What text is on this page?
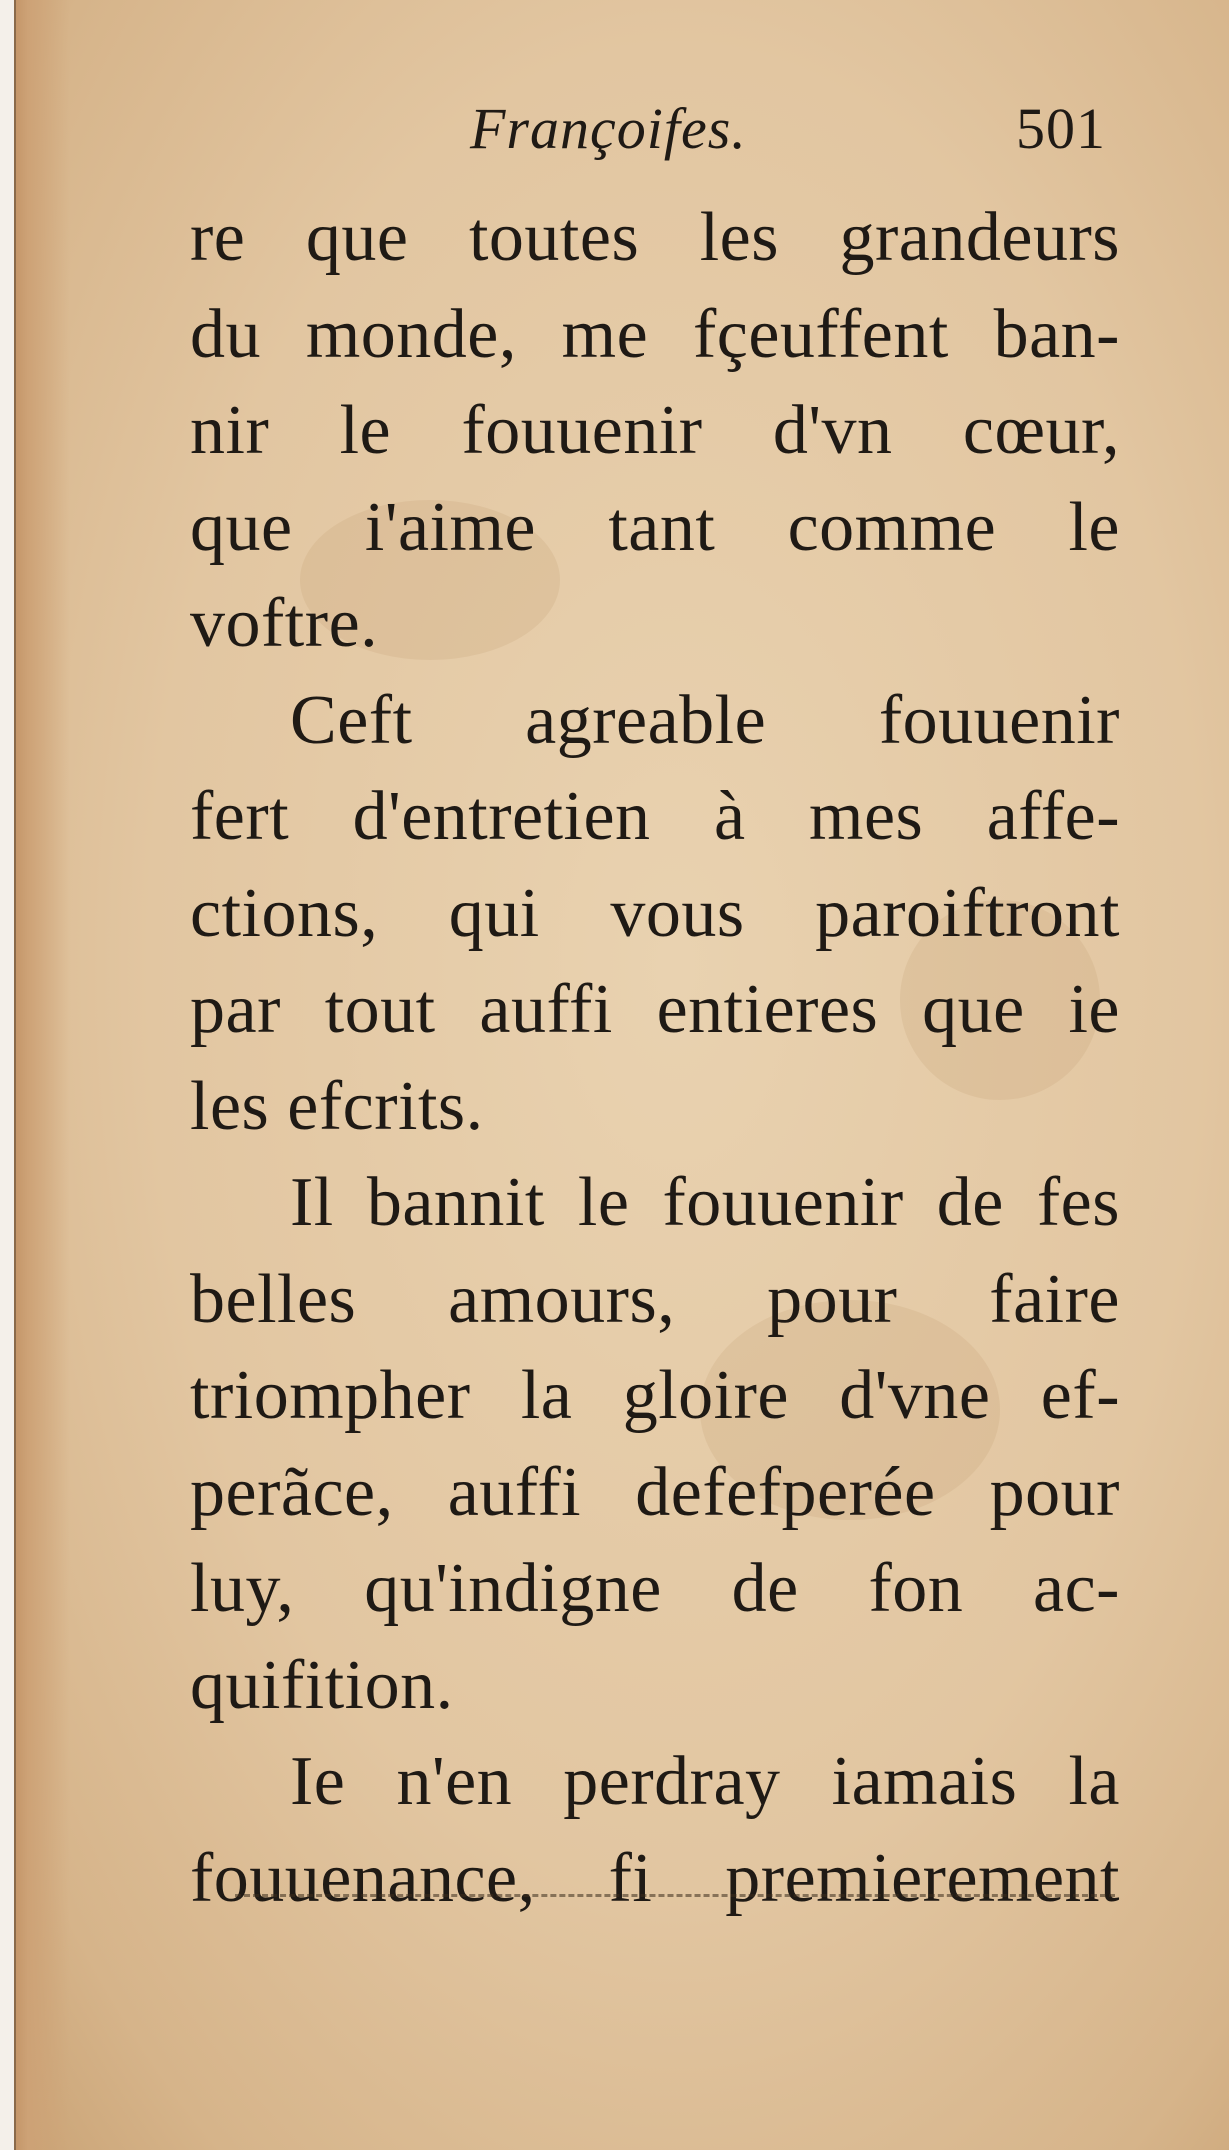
Françoifes.	501
re que toutes les grandeurs
du monde, me fçeuffent ban-
nir le fouuenir d'vn cœur,
que i'aime tant comme le
voftre.
Ceft agreable fouuenir
fert d'entretien à mes affe-
ctions, qui vous paroiftront
par tout auffi entieres que ie
les efcrits.
Il bannit le fouuenir de fes
belles amours, pour faire
triompher la gloire d'vne ef-
perãce, auffi defefperée pour
luy, qu'indigne de fon ac-
quifition.
Ie n'en perdray iamais la
fouuenance, fi premierement
